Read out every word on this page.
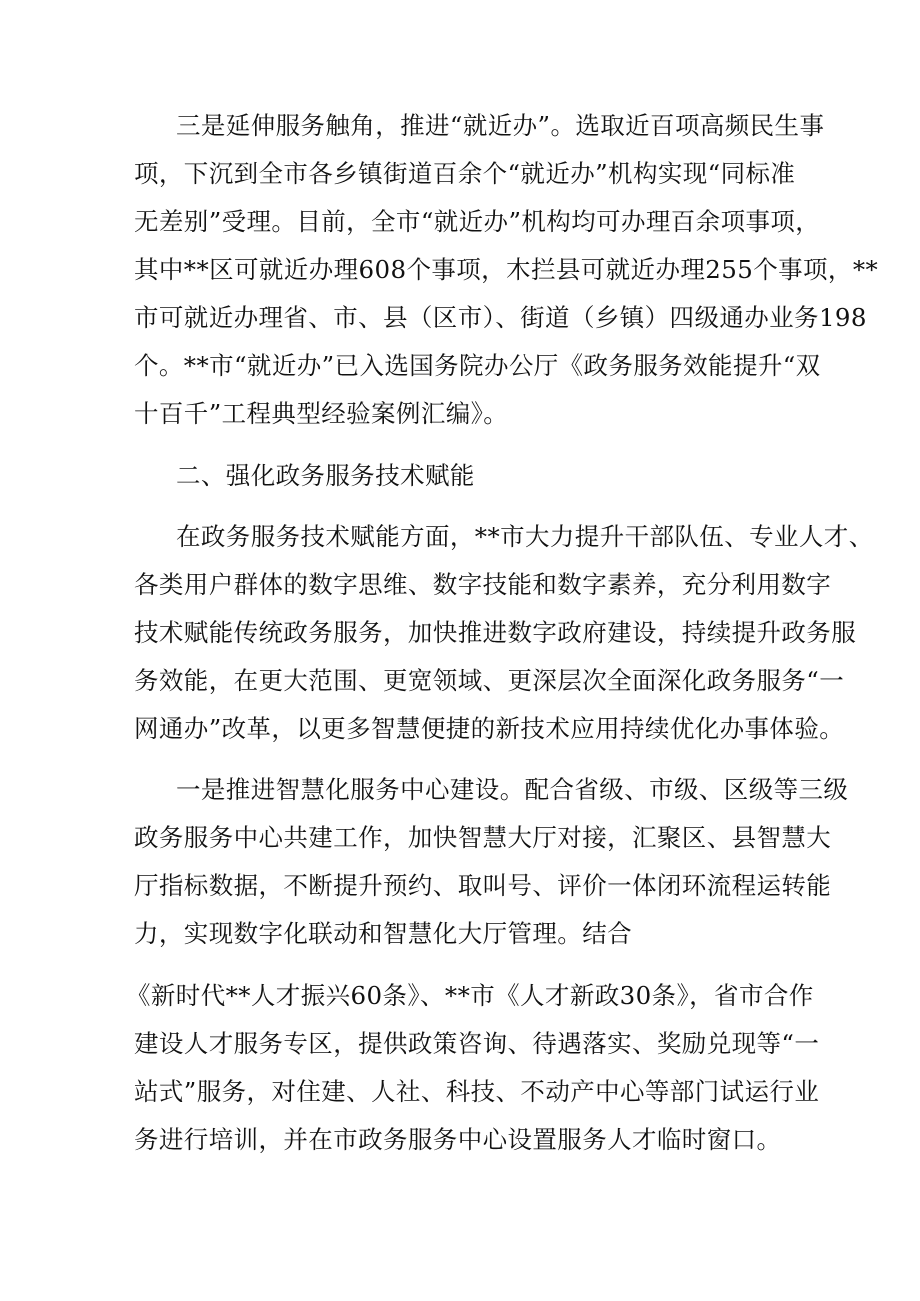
三是延伸服务触角，推进“就近办”。选取近百项高频民生事
项，下沉到全市各乡镇街道百余个“就近办”机构实现“同标准
无差别”受理。目前，全市“就近办”机构均可办理百余项事项，
其中**区可就近办理608个事项，木拦县可就近办理255个事项，**
市可就近办理省、市、县（区市）、街道（乡镇）四级通办业务198
个。**市“就近办”已入选国务院办公厅《政务服务效能提升“双
十百千”工程典型经验案例汇编》。
二、强化政务服务技术赋能
在政务服务技术赋能方面，**市大力提升干部队伍、专业人才、
各类用户群体的数字思维、数字技能和数字素养，充分利用数字
技术赋能传统政务服务，加快推进数字政府建设，持续提升政务服
务效能，在更大范围、更宽领域、更深层次全面深化政务服务“一
网通办”改革，以更多智慧便捷的新技术应用持续优化办事体验。
一是推进智慧化服务中心建设。配合省级、市级、区级等三级
政务服务中心共建工作，加快智慧大厅对接，汇聚区、县智慧大
厅指标数据，不断提升预约、取叫号、评价一体闭环流程运转能
力，实现数字化联动和智慧化大厅管理。结合
《新时代**人才振兴60条》、**市《人才新政30条》，省市合作
建设人才服务专区，提供政策咨询、待遇落实、奖励兑现等“一
站式”服务，对住建、人社、科技、不动产中心等部门试运行业
务进行培训，并在市政务服务中心设置服务人才临时窗口。
